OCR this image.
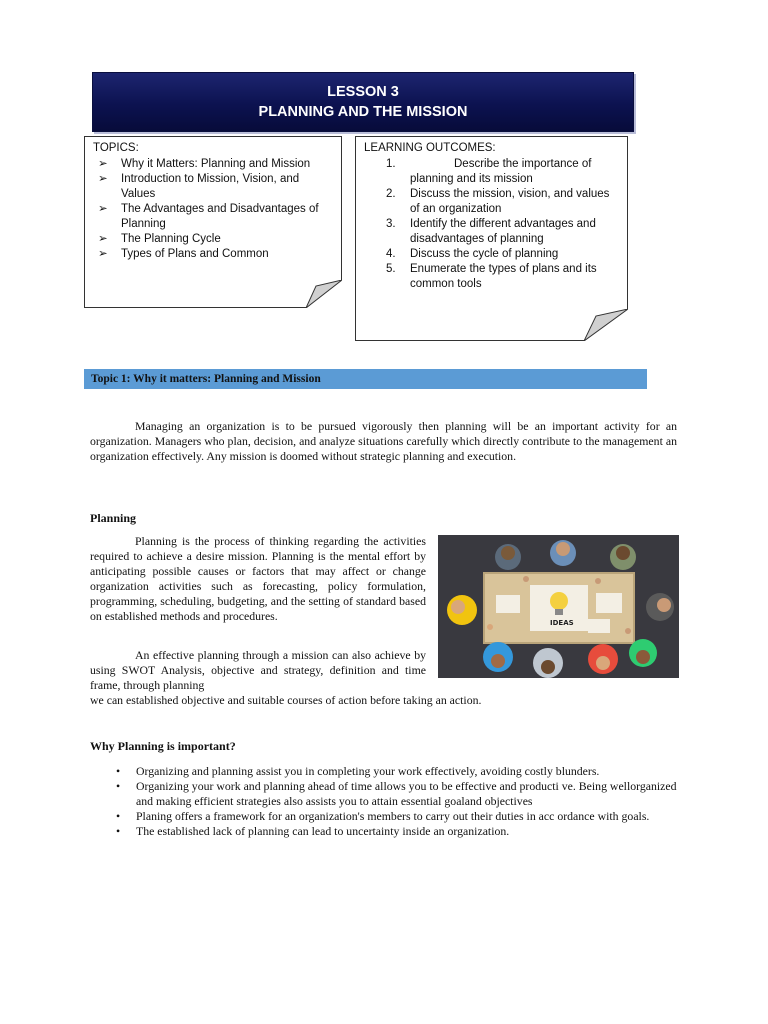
LESSON 3
PLANNING AND THE MISSION
TOPICS:
➢ Why it Matters: Planning and Mission
➢ Introduction to Mission, Vision, and Values
➢ The Advantages and Disadvantages of Planning
➢ The Planning Cycle
➢ Types of Plans and Common
LEARNING OUTCOMES:
1.	Describe the importance of planning and its mission
2. Discuss the mission, vision, and values of an organization
3. Identify the different advantages and disadvantages of planning
4. Discuss the cycle of planning
5. Enumerate the types of plans and its common tools
Topic 1: Why it matters: Planning and Mission
Managing an organization is to be pursued vigorously then planning will be an important activity for an organization. Managers who plan, decision, and analyze situations carefully which directly contribute to the management an organization effectively. Any mission is doomed without strategic planning and execution.
Planning
Planning is the process of thinking regarding the activities required to achieve a desire mission. Planning is the mental effort by anticipating possible causes or factors that may affect or change organization activities such as forecasting, policy formulation, programming, scheduling, budgeting, and the setting of standard based on established methods and procedures.
An effective planning through a mission can also achieve by using SWOT Analysis, objective and strategy, definition and time frame, through planning
we can established objective and suitable courses of action before taking an action.
IDEAS
Why Planning is important?
• Organizing and planning assist you in completing your work effectively, avoiding costly blunders.
• Organizing your work and planning ahead of time allows you to be effective and producti ve. Being wellorganized and making efficient strategies also assists you to attain essential goaland objectives
• Planing offers a framework for an organization's members to carry out their duties in acc ordance with goals.
• The established lack of planning can lead to uncertainty inside an organization.
